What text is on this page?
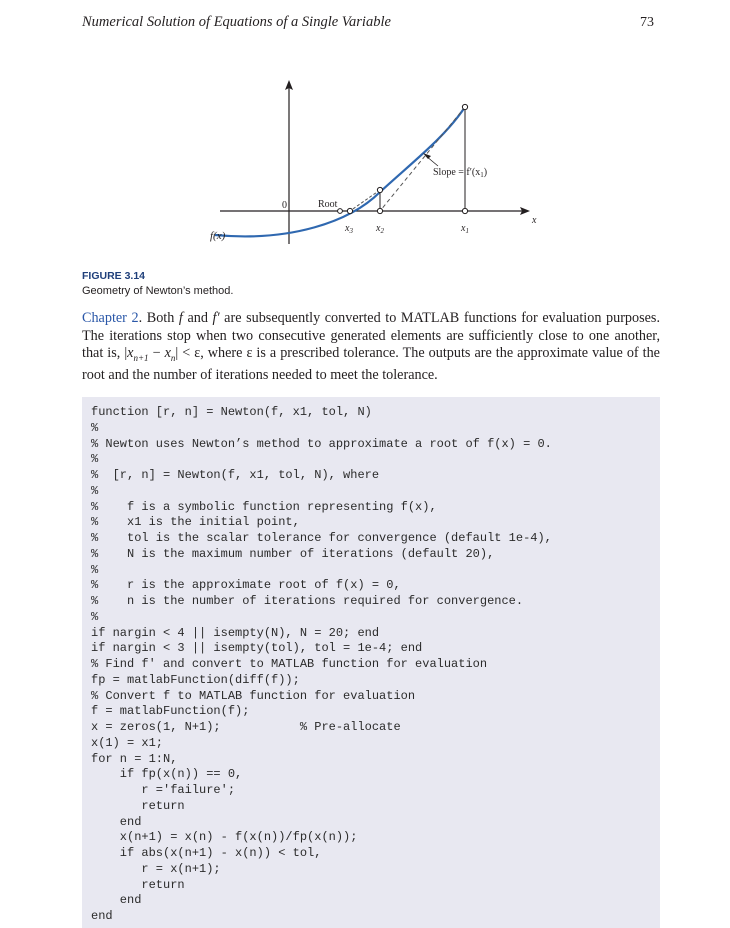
Numerical Solution of Equations of a Single Variable	73
f(x)
0	Root
x
Slope = $f'(x_1)$
$x_1$
$x_2$
$x_3$
FIGURE 3.14
Geometry of Newton’s method.
Chapter 2. Both f and f′ are subsequently converted to MATLAB functions for evaluation purposes. The iterations stop when two consecutive generated elements are sufficiently close to one another, that is, $|x_{n+1} - x_n| < \varepsilon$, where ε is a prescribed tolerance. The outputs are the approximate value of the root and the number of iterations needed to meet the tolerance.
function [r, n] = Newton(f, x1, tol, N)
%
% Newton uses Newton’s method to approximate a root of f(x) = 0.
%
%  [r, n] = Newton(f, x1, tol, N), where
%
%    f is a symbolic function representing f(x),
%    x1 is the initial point,
%    tol is the scalar tolerance for convergence (default 1e-4),
%    N is the maximum number of iterations (default 20),
%
%    r is the approximate root of f(x) = 0,
%    n is the number of iterations required for convergence.
%
if nargin < 4 || isempty(N), N = 20; end
if nargin < 3 || isempty(tol), tol = 1e-4; end
% Find f' and convert to MATLAB function for evaluation
fp = matlabFunction(diff(f));
% Convert f to MATLAB function for evaluation
f = matlabFunction(f);
x = zeros(1, N+1);           % Pre-allocate
x(1) = x1;
for n = 1:N,
if fp(x(n)) == 0,
r ='failure';
return
end
x(n+1) = x(n) - f(x(n))/fp(x(n));
if abs(x(n+1) - x(n)) < tol,
r = x(n+1);
return
end
end
